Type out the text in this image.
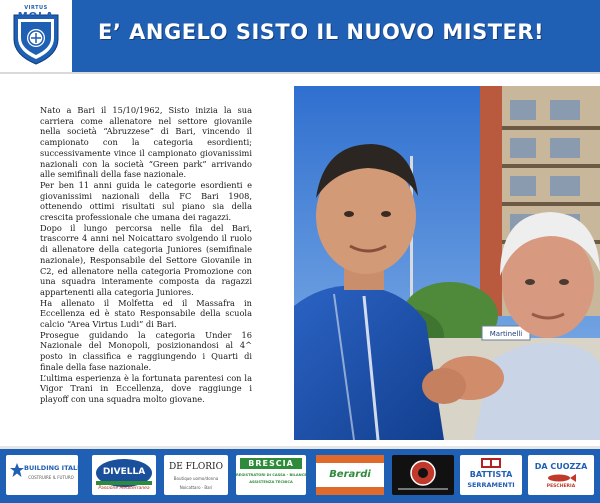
VIRTUS
MOLA
E’ ANGELO SISTO IL NUOVO MISTER!

Nato a Bari il 15/10/1962, Sisto inizia la sua carriera come allenatore nel settore giovanile nella società “Abruzzese” di Bari, vincendo il campionato con la categoria esordienti; successivamente vince il campionato giovanissimi nazionali con la società “Green park” arrivando alle semifinali della fase nazionale.

Per ben 11 anni guida le categorie esordienti e giovanissimi nazionali della FC Bari 1908, ottenendo ottimi risultati sul piano sia della crescita professionale che umana dei ragazzi.

Dopo il lungo percorsa nelle fila del Bari, trascorre 4 anni nel Noicattaro svolgendo il ruolo di allenatore della categoria Juniores (semifinale nazionale), Responsabile del Settore Giovanile in C2, ed allenatore nella categoria Promozione con una squadra interamente composta da ragazzi appartenenti alla categoria Juniores.

Ha allenato il Molfetta ed il Massafra in Eccellenza ed è stato Responsabile della scuola calcio “Area Virtus Ludi” di Bari.

Prosegue guidando la categoria Under 16 Nazionale del Monopoli, posizionandosi al 4^ posto in classifica e raggiungendo i Quarti di finale della fase nazionale.

L’ultima esperienza è la fortunata parentesi con la Vigor Trani in Eccellenza, dove raggiunge i playoff con una squadra molto giovane.

Martinelli
BUILDING ITALIA
COSTRUIRE IL FUTURO
DIVELLA
Passione Mediterranea
DE FLORIO
Boutique uomo/donna
Noicattaro · Bari
BRESCIA
REGISTRATORI DI CASSA - BILANCE
ASSISTENZA TECNICA
Berardi	BATTISTA
SERRAMENTI
DA CUOZZA
PESCHERIA
